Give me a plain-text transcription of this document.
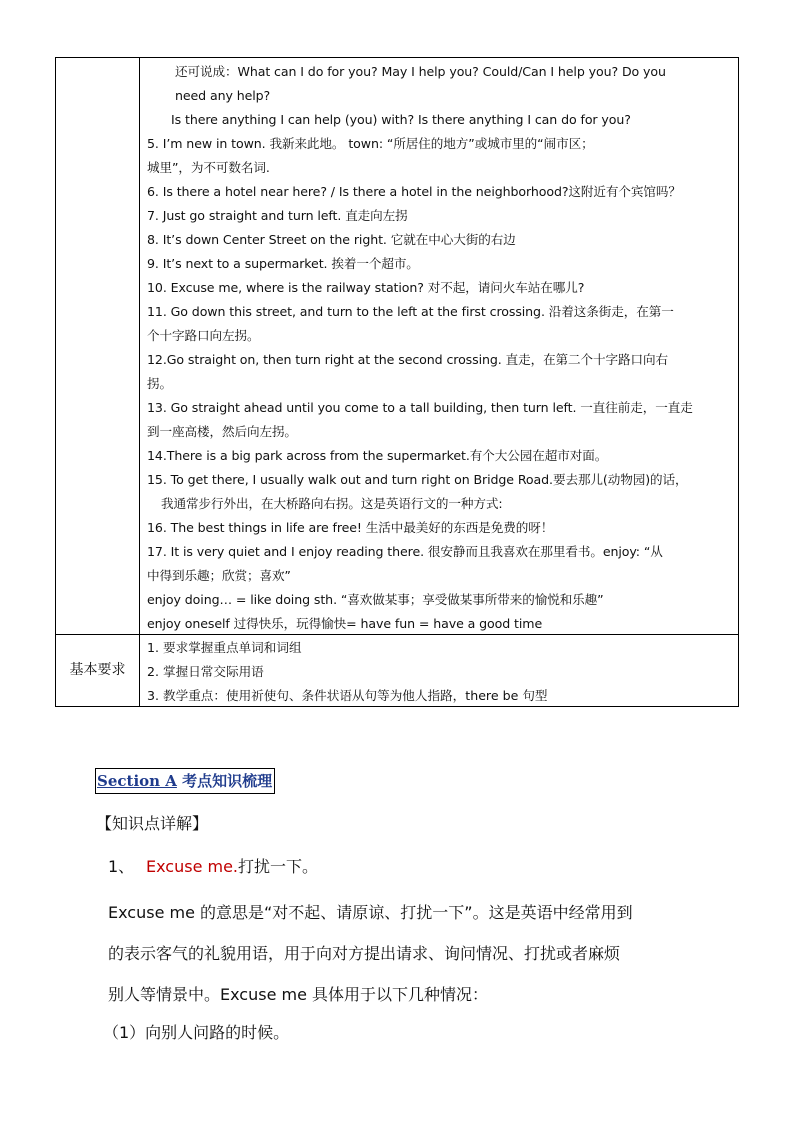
还可说成：What can I do for you? May I help you? Could/Can I help you? Do you

need any help?

Is there anything I can help (you) with? Is there anything I can do for you?

5. I’m new in town. 我新来此地。 town: “所居住的地方”或城市里的“闹市区；

城里”，为不可数名词.

6. Is there a hotel near here? / Is there a hotel in the neighborhood?这附近有个宾馆吗？

7. Just go straight and turn left. 直走向左拐

8. It’s down Center Street on the right. 它就在中心大街的右边

9. It’s next to a supermarket. 挨着一个超市。

10. Excuse me, where is the railway station? 对不起，请问火车站在哪儿?

11. Go down this street, and turn to the left at the first crossing. 沿着这条街走，在第一

个十字路口向左拐。

12.Go straight on, then turn right at the second crossing. 直走，在第二个十字路口向右

拐。

13. Go straight ahead until you come to a tall building, then turn left. 一直往前走，一直走

到一座高楼，然后向左拐。

14.There is a big park across from the supermarket.有个大公园在超市对面。

15. To get there, I usually walk out and turn right on Bridge Road.要去那儿(动物园)的话，

我通常步行外出，在大桥路向右拐。这是英语行文的一种方式:

16. The best things in life are free! 生活中最美好的东西是免费的呀！

17. It is very quiet and I enjoy reading there. 很安静而且我喜欢在那里看书。enjoy: “从

中得到乐趣；欣赏；喜欢”

enjoy doing… = like doing sth. “喜欢做某事；享受做某事所带来的愉悦和乐趣”

enjoy oneself 过得快乐，玩得愉快= have fun = have a good time

基本要求

1. 要求掌握重点单词和词组

2. 掌握日常交际用语

3. 教学重点：使用祈使句、条件状语从句等为他人指路，there be 句型

Section A 考点知识梳理
【知识点详解】
1、 Excuse me.打扰一下。

Excuse me 的意思是“对不起、请原谅、打扰一下”。这是英语中经常用到

的表示客气的礼貌用语，用于向对方提出请求、询问情况、打扰或者麻烦

别人等情景中。Excuse me 具体用于以下几种情况：

（1）向别人问路的时候。
